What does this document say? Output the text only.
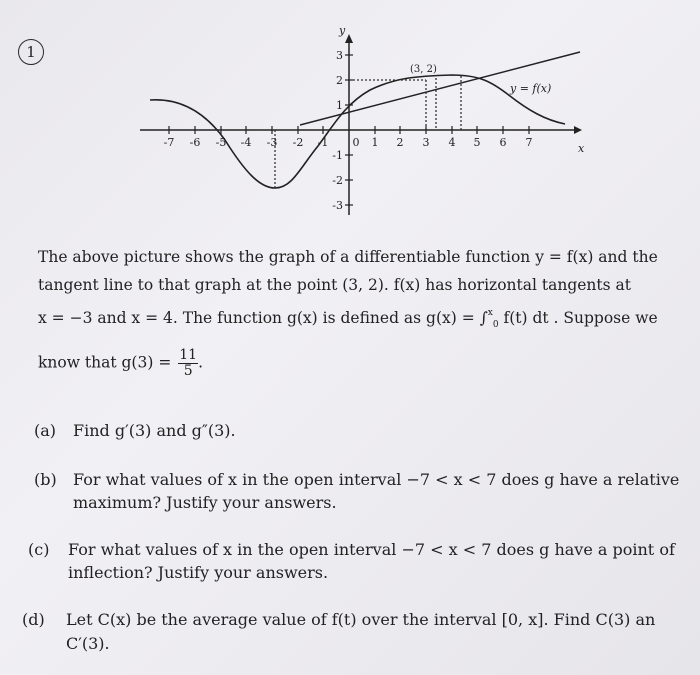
1
-7 -6 -5 -4 -3 -2 -1 0 1 2 3 4 5 6 7
3
2
1
-1
-2
-3
y
x
(3, 2)
y = f(x)
The above picture shows the graph of a differentiable function y = f(x) and the
tangent line to that graph at the point (3, 2). f(x) has horizontal tangents at
x = −3 and x = 4. The function g(x) is defined as g(x) = ∫$^x_0$ f(t) dt . Suppose we
know that $g(3) = \frac{11}{5}$ .
(a) Find g′(3) and g″(3).
(b) For what values of x in the open interval −7 < x < 7 does g have a relative
maximum? Justify your answers.
(c) For what values of x in the open interval −7 < x < 7 does g have a point of
inflection? Justify your answers.
(d) Let C(x) be the average value of f(t) over the interval [0, x]. Find C(3) an
C′(3).
